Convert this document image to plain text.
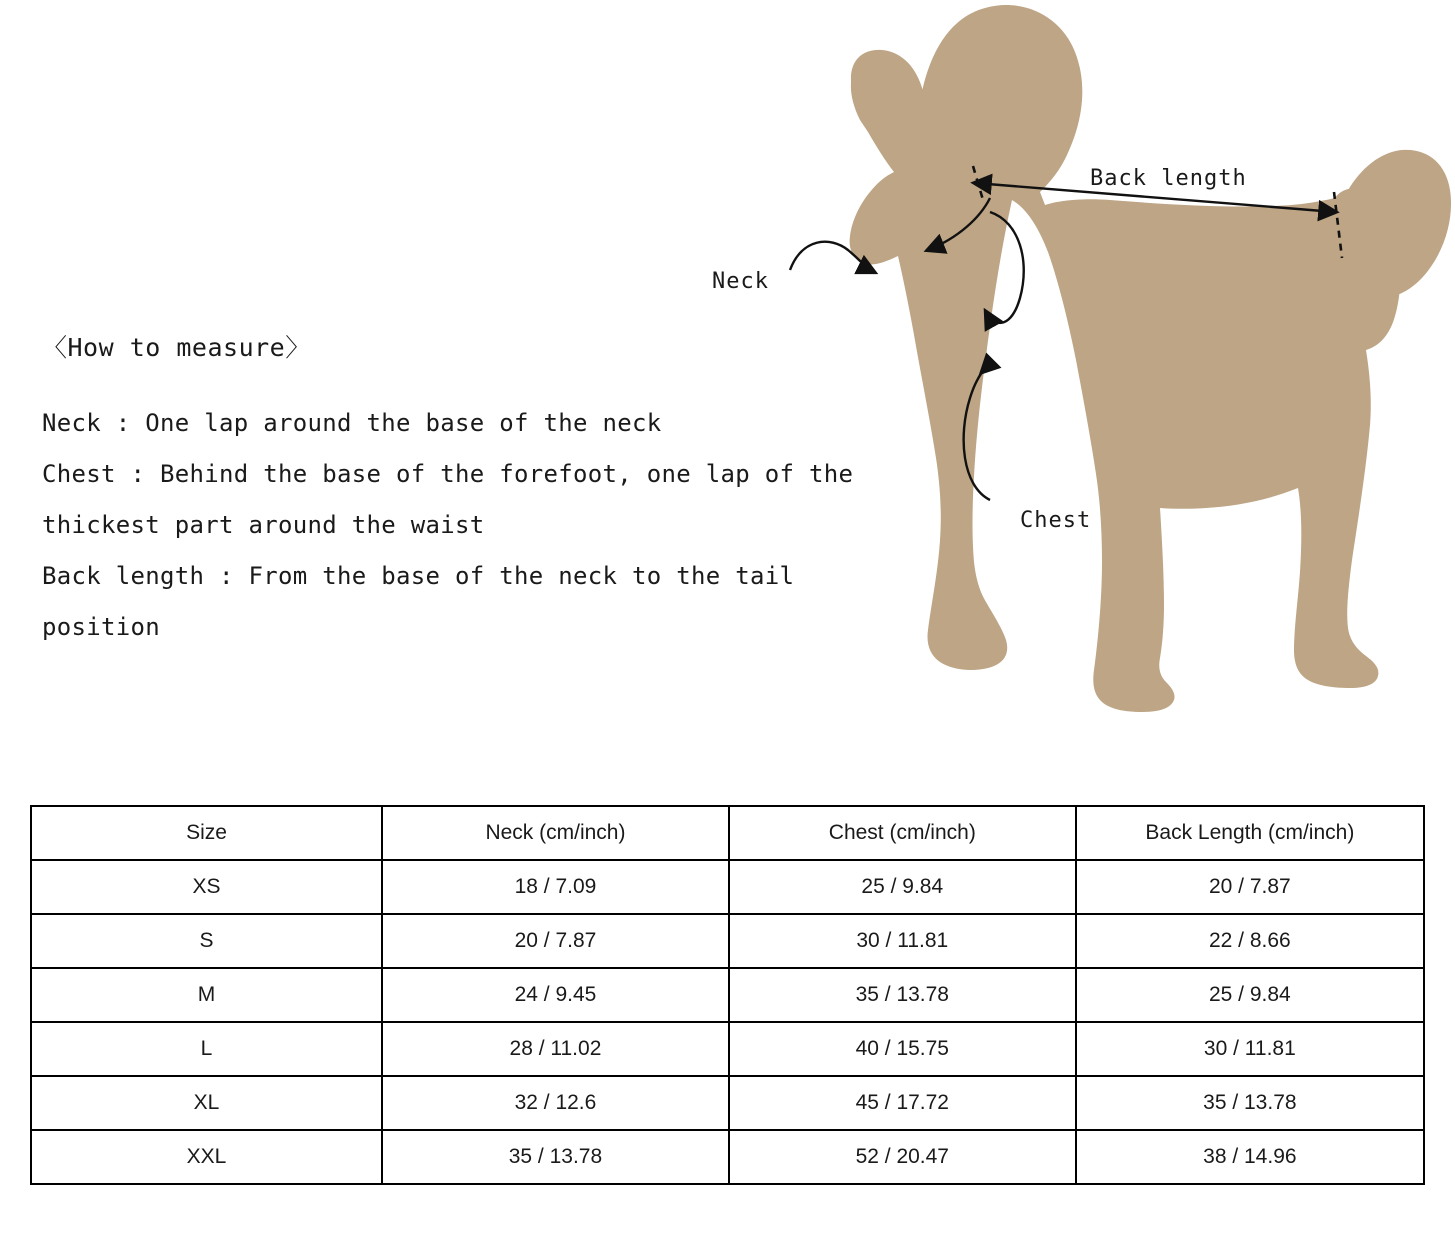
〈How to measure〉
Neck : One lap around the base of the neck
Chest : Behind the base of the forefoot, one lap of the
thickest part around the waist
Back length : From the base of the neck to the tail
position
Back length
Neck
Chest
Size	Neck (cm/inch)	Chest (cm/inch)	Back Length (cm/inch)
XS	18 / 7.09	25 / 9.84	20 / 7.87
S	20 / 7.87	30 / 11.81	22 / 8.66
M	24 / 9.45	35 / 13.78	25 / 9.84
L	28 / 11.02	40 / 15.75	30 / 11.81
XL	32 / 12.6	45 / 17.72	35 / 13.78
XXL	35 / 13.78	52 / 20.47	38 / 14.96
